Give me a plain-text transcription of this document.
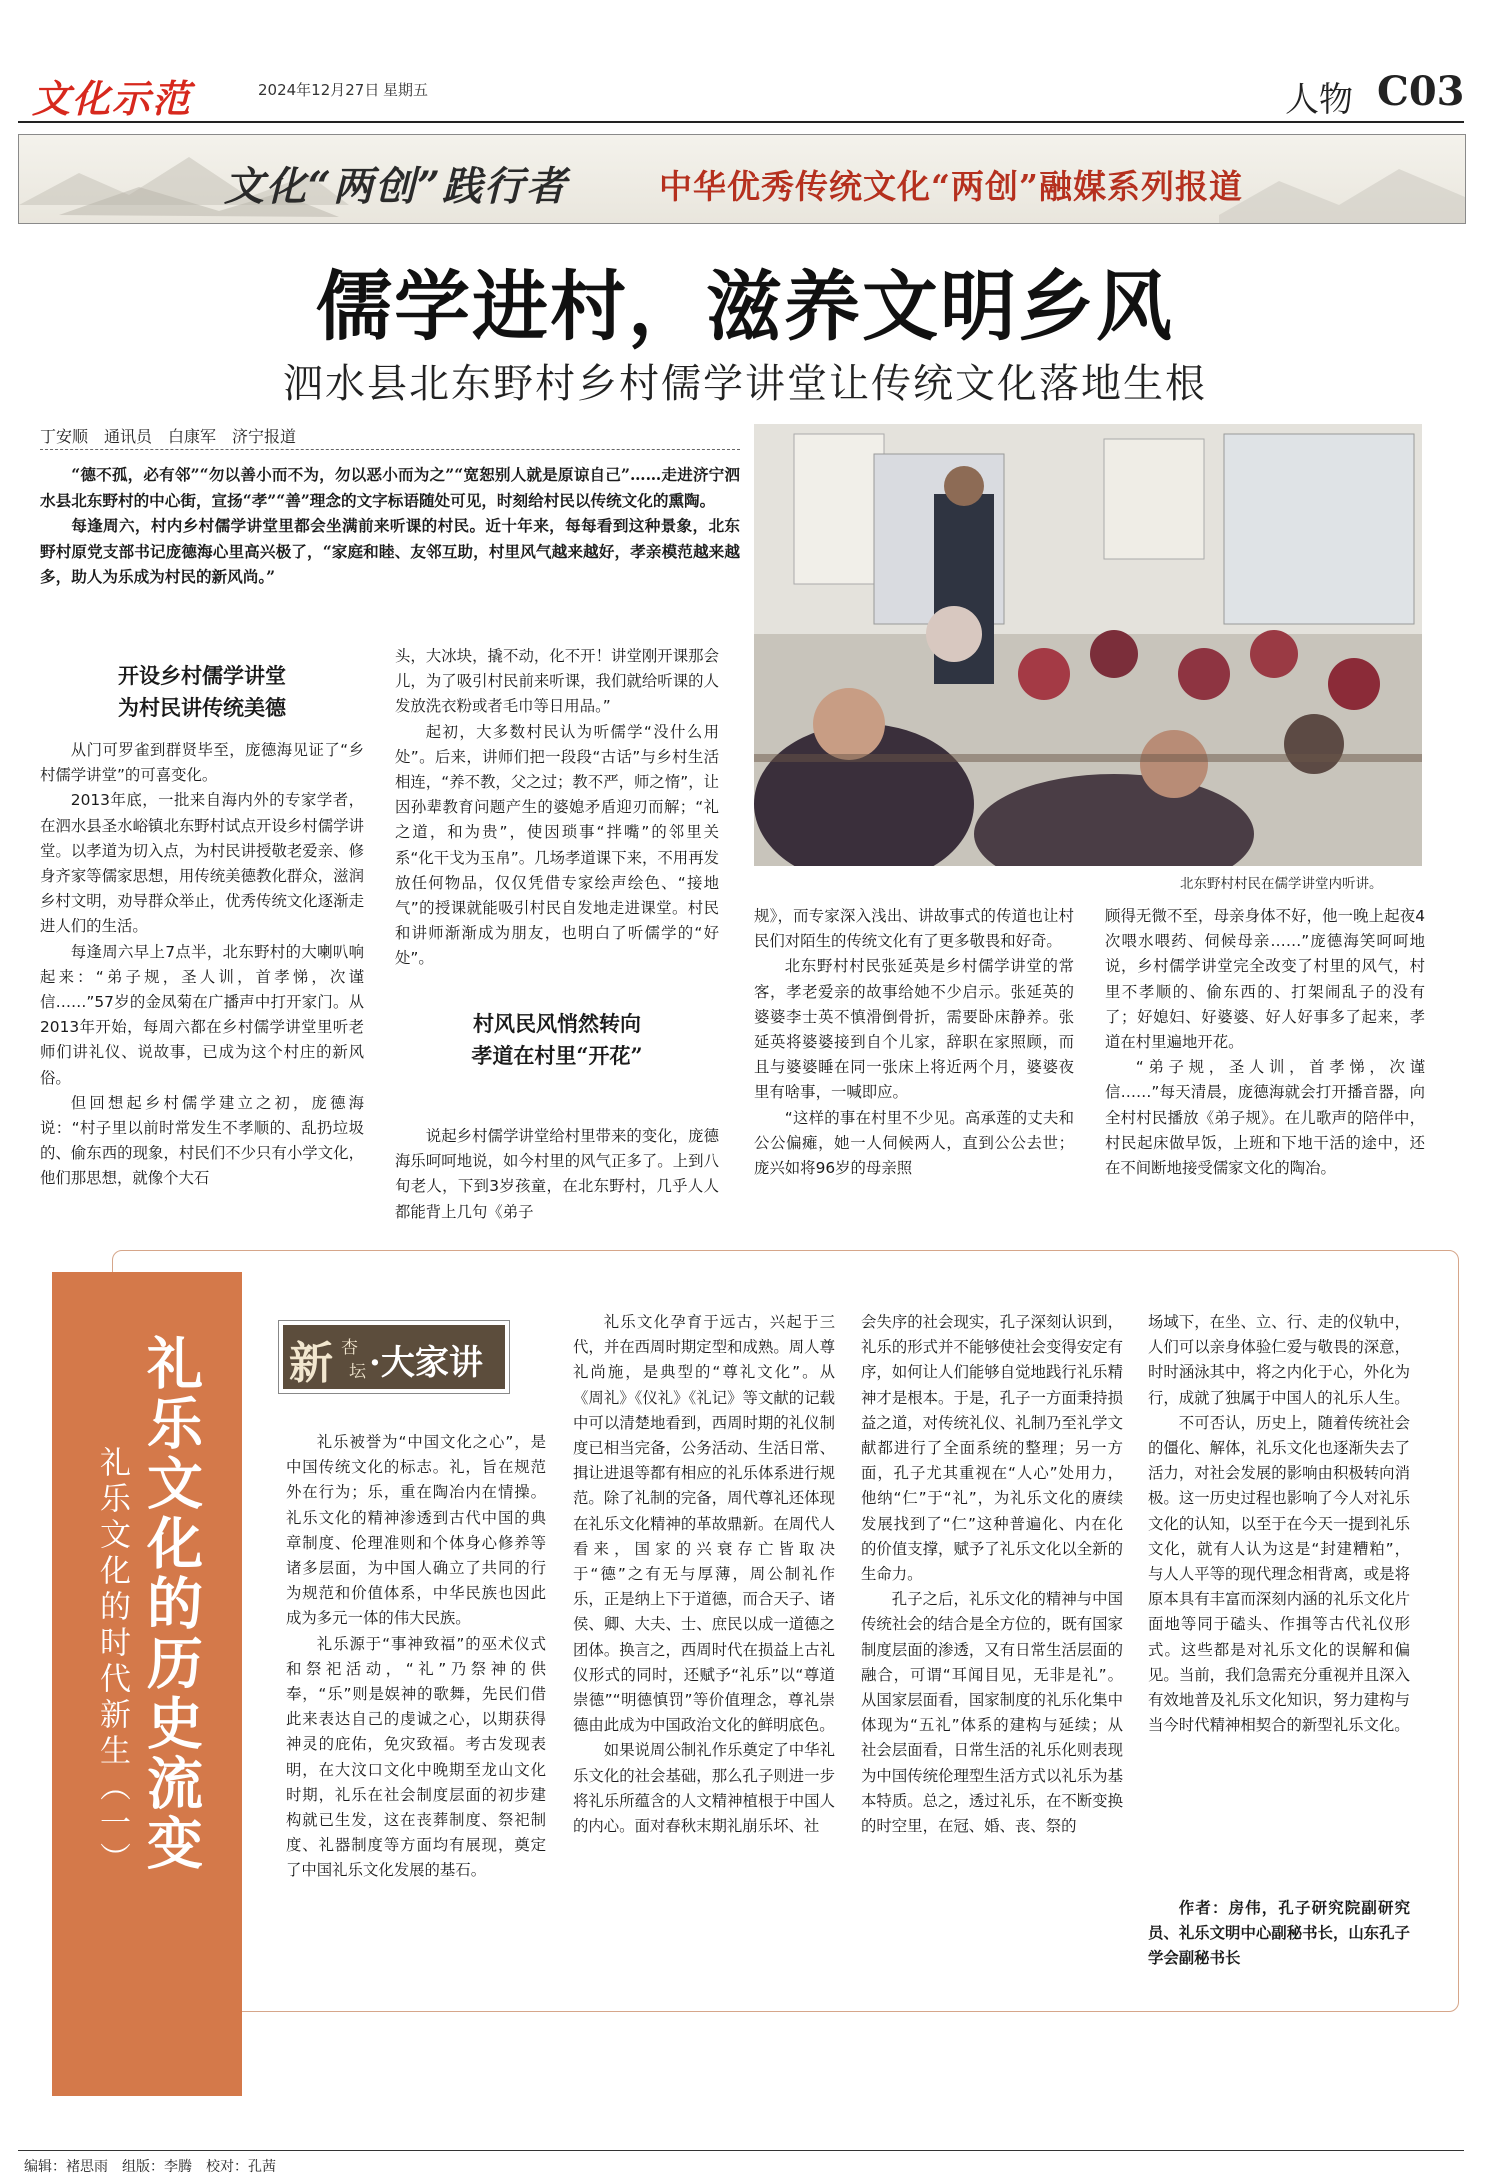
文化示范	2024年12月27日 星期五	人物 C03
文化“两创”践行者	中华优秀传统文化“两创”融媒系列报道
儒学进村，滋养文明乡风
泗水县北东野村乡村儒学讲堂让传统文化落地生根
丁安顺　通讯员　白康军　济宁报道

“德不孤，必有邻”“勿以善小而不为，勿以恶小而为之”“宽恕别人就是原谅自己”……走进济宁泗水县北东野村的中心街，宣扬“孝”“善”理念的文字标语随处可见，时刻给村民以传统文化的熏陶。

每逢周六，村内乡村儒学讲堂里都会坐满前来听课的村民。近十年来，每每看到这种景象，北东野村原党支部书记庞德海心里高兴极了，“家庭和睦、友邻互助，村里风气越来越好，孝亲模范越来越多，助人为乐成为村民的新风尚。”

北东野村村民在儒学讲堂内听讲。
开设乡村儒学讲堂
为村民讲传统美德

从门可罗雀到群贤毕至，庞德海见证了“乡村儒学讲堂”的可喜变化。

2013年底，一批来自海内外的专家学者，在泗水县圣水峪镇北东野村试点开设乡村儒学讲堂。以孝道为切入点，为村民讲授敬老爱亲、修身齐家等儒家思想，用传统美德教化群众，滋润乡村文明，劝导群众举止，优秀传统文化逐渐走进人们的生活。

每逢周六早上7点半，北东野村的大喇叭响起来：“弟子规，圣人训，首孝悌，次谨信……”57岁的金凤菊在广播声中打开家门。从2013年开始，每周六都在乡村儒学讲堂里听老师们讲礼仪、说故事，已成为这个村庄的新风俗。

但回想起乡村儒学建立之初，庞德海说：“村子里以前时常发生不孝顺的、乱扔垃圾的、偷东西的现象，村民们不少只有小学文化，他们那思想，就像个大石

头，大冰块，撬不动，化不开！讲堂刚开课那会儿，为了吸引村民前来听课，我们就给听课的人发放洗衣粉或者毛巾等日用品。”

起初，大多数村民认为听儒学“没什么用处”。后来，讲师们把一段段“古话”与乡村生活相连，“养不教，父之过；教不严，师之惰”，让因孙辈教育问题产生的婆媳矛盾迎刃而解；“礼之道，和为贵”，使因琐事“拌嘴”的邻里关系“化干戈为玉帛”。几场孝道课下来，不用再发放任何物品，仅仅凭借专家绘声绘色、“接地气”的授课就能吸引村民自发地走进课堂。村民和讲师渐渐成为朋友，也明白了听儒学的“好处”。

村风民风悄然转向
孝道在村里“开花”

说起乡村儒学讲堂给村里带来的变化，庞德海乐呵呵地说，如今村里的风气正多了。上到八旬老人，下到3岁孩童，在北东野村，几乎人人都能背上几句《弟子

规》，而专家深入浅出、讲故事式的传道也让村民们对陌生的传统文化有了更多敬畏和好奇。

北东野村村民张延英是乡村儒学讲堂的常客，孝老爱亲的故事给她不少启示。张延英的婆婆李士英不慎滑倒骨折，需要卧床静养。张延英将婆婆接到自个儿家，辞职在家照顾，而且与婆婆睡在同一张床上将近两个月，婆婆夜里有啥事，一喊即应。

“这样的事在村里不少见。高承莲的丈夫和公公偏瘫，她一人伺候两人，直到公公去世；庞兴如将96岁的母亲照

顾得无微不至，母亲身体不好，他一晚上起夜4次喂水喂药、伺候母亲……”庞德海笑呵呵地说，乡村儒学讲堂完全改变了村里的风气，村里不孝顺的、偷东西的、打架闹乱子的没有了；好媳妇、好婆婆、好人好事多了起来，孝道在村里遍地开花。

“弟子规，圣人训，首孝悌，次谨信……”每天清晨，庞德海就会打开播音器，向全村村民播放《弟子规》。在儿歌声的陪伴中，村民起床做早饭，上班和下地干活的途中，还在不间断地接受儒家文化的陶冶。

礼乐文化的历史流变
礼乐文化的时代新生（一）
新 杏
坛 ·大家讲

礼乐被誉为“中国文化之心”，是中国传统文化的标志。礼，旨在规范外在行为；乐，重在陶冶内在情操。礼乐文化的精神渗透到古代中国的典章制度、伦理准则和个体身心修养等诸多层面，为中国人确立了共同的行为规范和价值体系，中华民族也因此成为多元一体的伟大民族。

礼乐源于“事神致福”的巫术仪式和祭祀活动，“礼”乃祭神的供奉，“乐”则是娱神的歌舞，先民们借此来表达自己的虔诚之心，以期获得神灵的庇佑，免灾致福。考古发现表明，在大汶口文化中晚期至龙山文化时期，礼乐在社会制度层面的初步建构就已生发，这在丧葬制度、祭祀制度、礼器制度等方面均有展现，奠定了中国礼乐文化发展的基石。

礼乐文化孕育于远古，兴起于三代，并在西周时期定型和成熟。周人尊礼尚施，是典型的“尊礼文化”。从《周礼》《仪礼》《礼记》等文献的记载中可以清楚地看到，西周时期的礼仪制度已相当完备，公务活动、生活日常、揖让进退等都有相应的礼乐体系进行规范。除了礼制的完备，周代尊礼还体现在礼乐文化精神的革故鼎新。在周代人看来，国家的兴衰存亡皆取决于“德”之有无与厚薄，周公制礼作乐，正是纳上下于道德，而合天子、诸侯、卿、大夫、士、庶民以成一道德之团体。换言之，西周时代在损益上古礼仪形式的同时，还赋予“礼乐”以“尊道崇德”“明德慎罚”等价值理念，尊礼崇德由此成为中国政治文化的鲜明底色。

如果说周公制礼作乐奠定了中华礼乐文化的社会基础，那么孔子则进一步将礼乐所蕴含的人文精神植根于中国人的内心。面对春秋末期礼崩乐坏、社

会失序的社会现实，孔子深刻认识到，礼乐的形式并不能够使社会变得安定有序，如何让人们能够自觉地践行礼乐精神才是根本。于是，孔子一方面秉持损益之道，对传统礼仪、礼制乃至礼学文献都进行了全面系统的整理；另一方面，孔子尤其重视在“人心”处用力，他纳“仁”于“礼”，为礼乐文化的赓续发展找到了“仁”这种普遍化、内在化的价值支撑，赋予了礼乐文化以全新的生命力。

孔子之后，礼乐文化的精神与中国传统社会的结合是全方位的，既有国家制度层面的渗透，又有日常生活层面的融合，可谓“耳闻目见，无非是礼”。从国家层面看，国家制度的礼乐化集中体现为“五礼”体系的建构与延续；从社会层面看，日常生活的礼乐化则表现为中国传统伦理型生活方式以礼乐为基本特质。总之，透过礼乐，在不断变换的时空里，在冠、婚、丧、祭的

场域下，在坐、立、行、走的仪轨中，人们可以亲身体验仁爱与敬畏的深意，时时涵泳其中，将之内化于心，外化为行，成就了独属于中国人的礼乐人生。

不可否认，历史上，随着传统社会的僵化、解体，礼乐文化也逐渐失去了活力，对社会发展的影响由积极转向消极。这一历史过程也影响了今人对礼乐文化的认知，以至于在今天一提到礼乐文化，就有人认为这是“封建糟粕”，与人人平等的现代理念相背离，或是将原本具有丰富而深刻内涵的礼乐文化片面地等同于磕头、作揖等古代礼仪形式。这些都是对礼乐文化的误解和偏见。当前，我们急需充分重视并且深入有效地普及礼乐文化知识，努力建构与当今时代精神相契合的新型礼乐文化。

作者：房伟，孔子研究院副研究员、礼乐文明中心副秘书长，山东孔子学会副秘书长
编辑：褚思雨　组版：李腾　校对：孔茜
